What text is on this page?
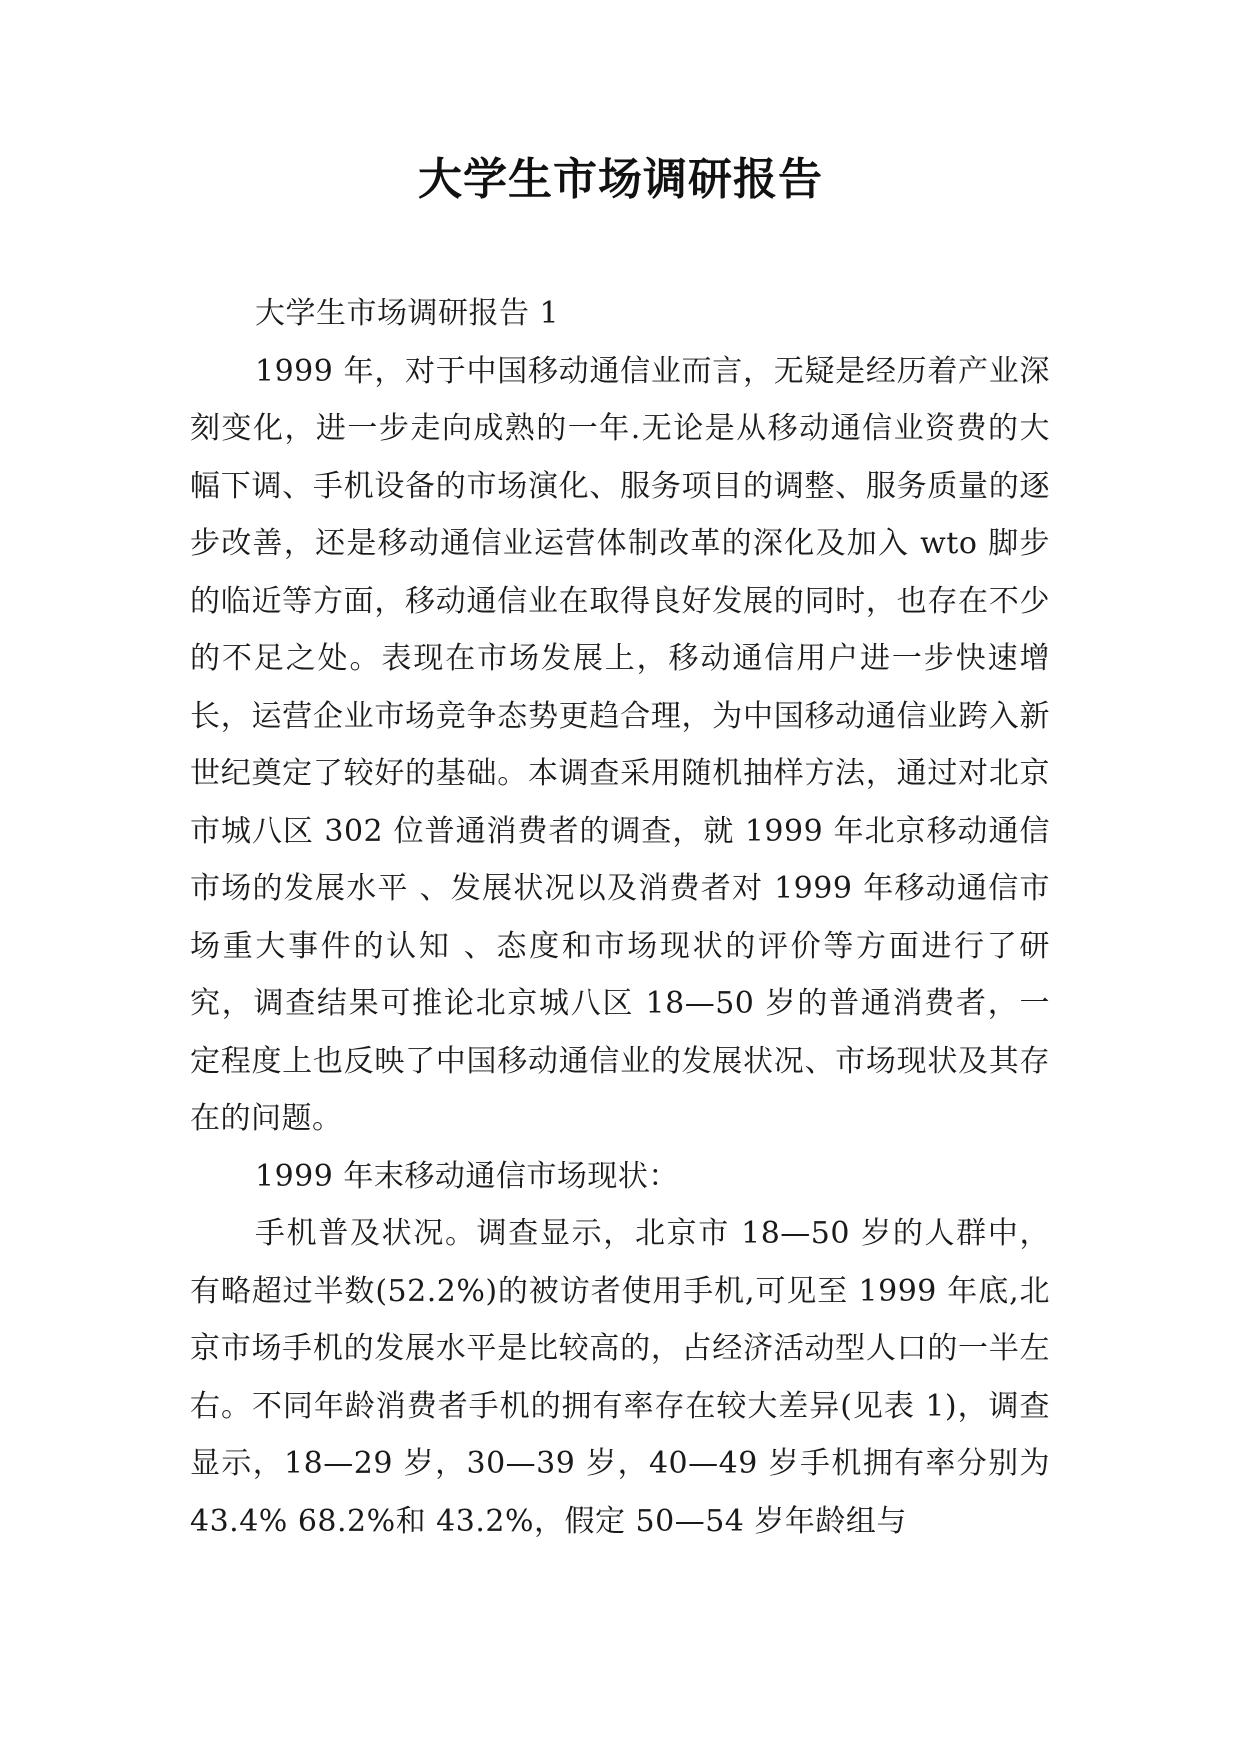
大学生市场调研报告

大学生市场调研报告 1

1999 年，对于中国移动通信业而言，无疑是经历着产业深刻变化，进一步走向成熟的一年.无论是从移动通信业资费的大幅下调、手机设备的市场演化、服务项目的调整、服务质量的逐步改善，还是移动通信业运营体制改革的深化及加入 wto 脚步的临近等方面，移动通信业在取得良好发展的同时，也存在不少的不足之处。表现在市场发展上，移动通信用户进一步快速增长，运营企业市场竞争态势更趋合理，为中国移动通信业跨入新世纪奠定了较好的基础。本调查采用随机抽样方法，通过对北京市城八区 302 位普通消费者的调查，就 1999 年北京移动通信市场的发展水平 、发展状况以及消费者对 1999 年移动通信市场重大事件的认知 、态度和市场现状的评价等方面进行了研究，调查结果可推论北京城八区 18—50 岁的普通消费者，一定程度上也反映了中国移动通信业的发展状况、市场现状及其存在的问题。

1999 年末移动通信市场现状：

手机普及状况。调查显示，北京市 18—50 岁的人群中，有略超过半数(52.2%)的被访者使用手机,可见至 1999 年底,北京市场手机的发展水平是比较高的，占经济活动型人口的一半左右。不同年龄消费者手机的拥有率存在较大差异(见表 1)，调查显示，18—29 岁，30—39 岁，40—49 岁手机拥有率分别为 43.4% 68.2%和 43.2%，假定 50—54 岁年龄组与
